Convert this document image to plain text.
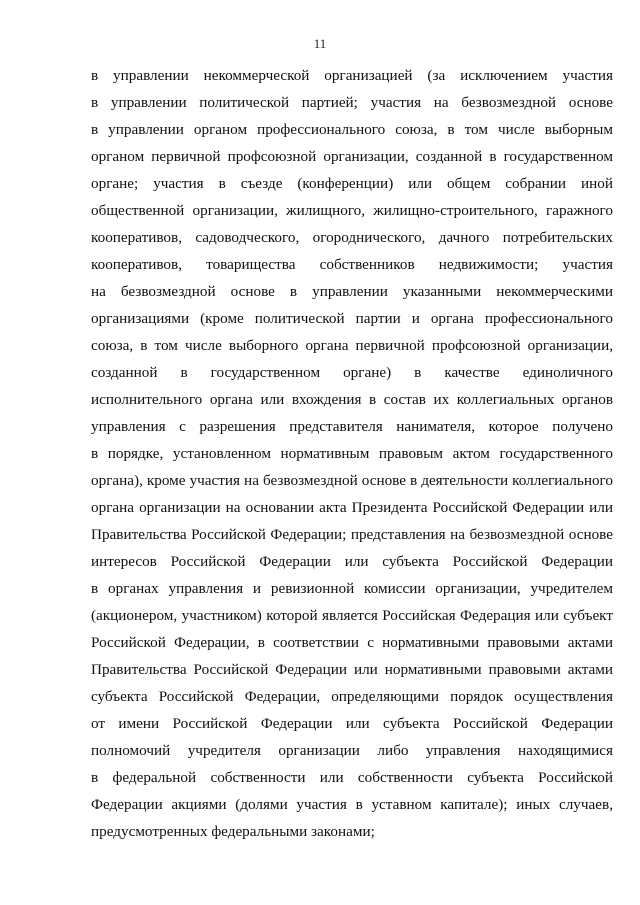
11
в управлении некоммерческой организацией (за исключением участия
в управлении политической партией; участия на безвозмездной основе
в управлении органом профессионального союза, в том числе выборным
органом первичной профсоюзной организации, созданной в государственном
органе; участия в съезде (конференции) или общем собрании иной
общественной организации, жилищного, жилищно-строительного, гаражного
кооперативов, садоводческого, огороднического, дачного потребительских
кооперативов, товарищества собственников недвижимости; участия
на безвозмездной основе в управлении указанными некоммерческими
организациями (кроме политической партии и органа профессионального
союза, в том числе выборного органа первичной профсоюзной организации,
созданной в государственном органе) в качестве единоличного
исполнительного органа или вхождения в состав их коллегиальных органов
управления с разрешения представителя нанимателя, которое получено
в порядке, установленном нормативным правовым актом государственного
органа), кроме участия на безвозмездной основе в деятельности коллегиального
органа организации на основании акта Президента Российской Федерации или
Правительства Российской Федерации; представления на безвозмездной основе
интересов Российской Федерации или субъекта Российской Федерации
в органах управления и ревизионной комиссии организации, учредителем
(акционером, участником) которой является Российская Федерация или субъект
Российской Федерации, в соответствии с нормативными правовыми актами
Правительства Российской Федерации или нормативными правовыми актами
субъекта Российской Федерации, определяющими порядок осуществления
от имени Российской Федерации или субъекта Российской Федерации
полномочий учредителя организации либо управления находящимися
в федеральной собственности или собственности субъекта Российской
Федерации акциями (долями участия в уставном капитале); иных случаев,
предусмотренных федеральными законами;
